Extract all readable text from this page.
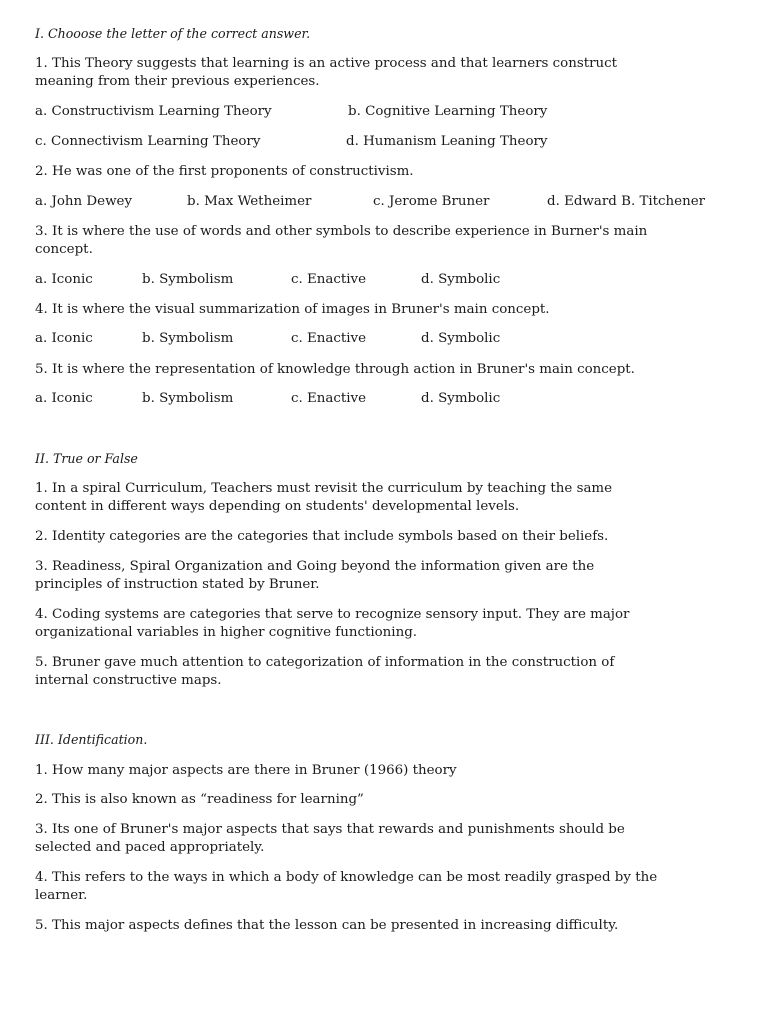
I. Chooose the letter of the correct answer.

1. This Theory suggests that learning is an active process and that learners construct

meaning from their previous experiences.

a. Constructivism Learning Theory	b. Cognitive Learning Theory
c. Connectivism Learning Theory	d. Humanism Leaning Theory

2. He was one of the first proponents of constructivism.

a. John Dewey	b. Max Wetheimer	c. Jerome Bruner	d. Edward B. Titchener

3. It is where the use of words and other symbols to describe experience in Burner's main

concept.

a. Iconic	b. Symbolism	c. Enactive	d. Symbolic

4. It is where the visual summarization of images in Bruner's main concept.

a. Iconic	b. Symbolism	c. Enactive	d. Symbolic

5. It is where the representation of knowledge through action in Bruner's main concept.

a. Iconic	b. Symbolism	c. Enactive	d. Symbolic

II. True or False

1. In a spiral Curriculum, Teachers must revisit the curriculum by teaching the same

content in different ways depending on students' developmental levels.

2. Identity categories are the categories that include symbols based on their beliefs.

3. Readiness, Spiral Organization and Going beyond the information given are the

principles of instruction stated by Bruner.

4. Coding systems are categories that serve to recognize sensory input. They are major

organizational variables in higher cognitive functioning.

5. Bruner gave much attention to categorization of information in the construction of

internal constructive maps.

III. Identification.

1. How many major aspects are there in Bruner (1966) theory

2. This is also known as “readiness for learning”

3. Its one of Bruner's major aspects that says that rewards and punishments should be

selected and paced appropriately.

4. This refers to the ways in which a body of knowledge can be most readily grasped by the

learner.

5. This major aspects defines that the lesson can be presented in increasing difficulty.
